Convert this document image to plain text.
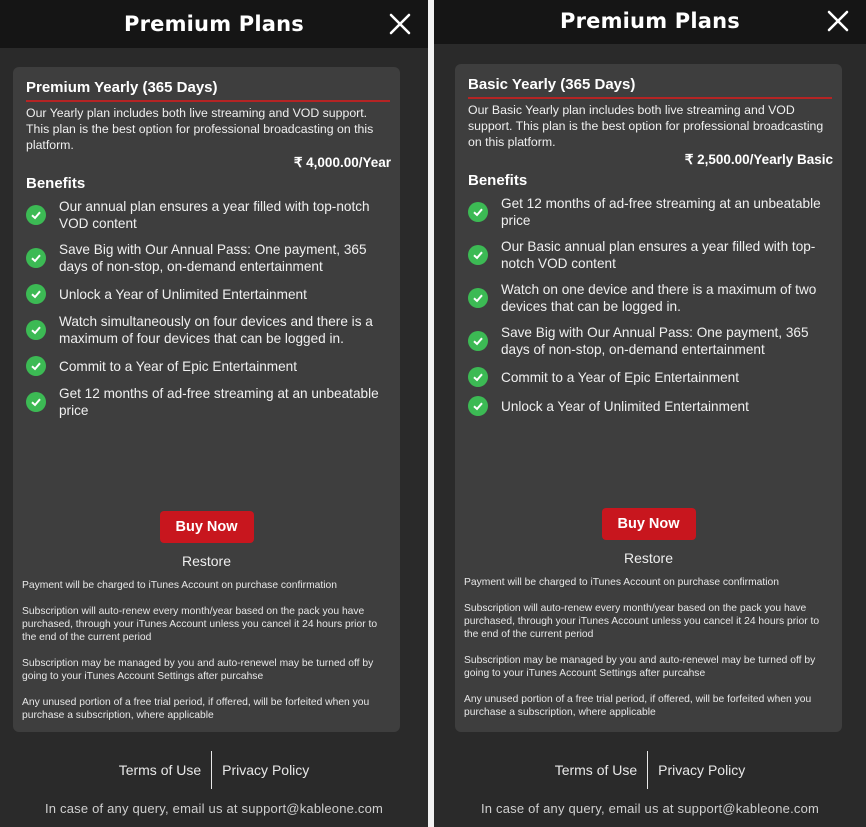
Premium Plans
Premium Yearly (365 Days)
Our Yearly plan includes both live streaming and VOD support. This plan is the best option for professional broadcasting on this platform.
₹ 4,000.00/Year
Benefits
Our annual plan ensures a year filled with top-notch VOD content
Save Big with Our Annual Pass: One payment, 365 days of non-stop, on-demand entertainment
Unlock a Year of Unlimited Entertainment
Watch simultaneously on four devices and there is a maximum of four devices that can be logged in.
Commit to a Year of Epic Entertainment
Get 12 months of ad-free streaming at an unbeatable price
Buy Now
Restore

Payment will be charged to iTunes Account on purchase confirmation

Subscription will auto-renew every month/year based on the pack you have purchased, through your iTunes Account unless you cancel it 24 hours prior to the end of the current period

Subscription may be managed by you and auto-renewel may be turned off by going to your iTunes Account Settings after purcahse

Any unused portion of a free trial period, if offered, will be forfeited when you purchase a subscription, where applicable

Terms of Use	Privacy Policy
In case of any query, email us at support@kableone.com
Premium Plans
Basic Yearly (365 Days)
Our Basic Yearly plan includes both live streaming and VOD support. This plan is the best option for professional broadcasting on this platform.
₹ 2,500.00/Yearly Basic
Benefits
Get 12 months of ad-free streaming at an unbeatable price
Our Basic annual plan ensures a year filled with top-notch VOD content
Watch on one device and there is a maximum of two devices that can be logged in.
Save Big with Our Annual Pass: One payment, 365 days of non-stop, on-demand entertainment
Commit to a Year of Epic Entertainment
Unlock a Year of Unlimited Entertainment
Buy Now
Restore

Payment will be charged to iTunes Account on purchase confirmation

Subscription will auto-renew every month/year based on the pack you have purchased, through your iTunes Account unless you cancel it 24 hours prior to the end of the current period

Subscription may be managed by you and auto-renewel may be turned off by going to your iTunes Account Settings after purcahse

Any unused portion of a free trial period, if offered, will be forfeited when you purchase a subscription, where applicable

Terms of Use	Privacy Policy
In case of any query, email us at support@kableone.com
